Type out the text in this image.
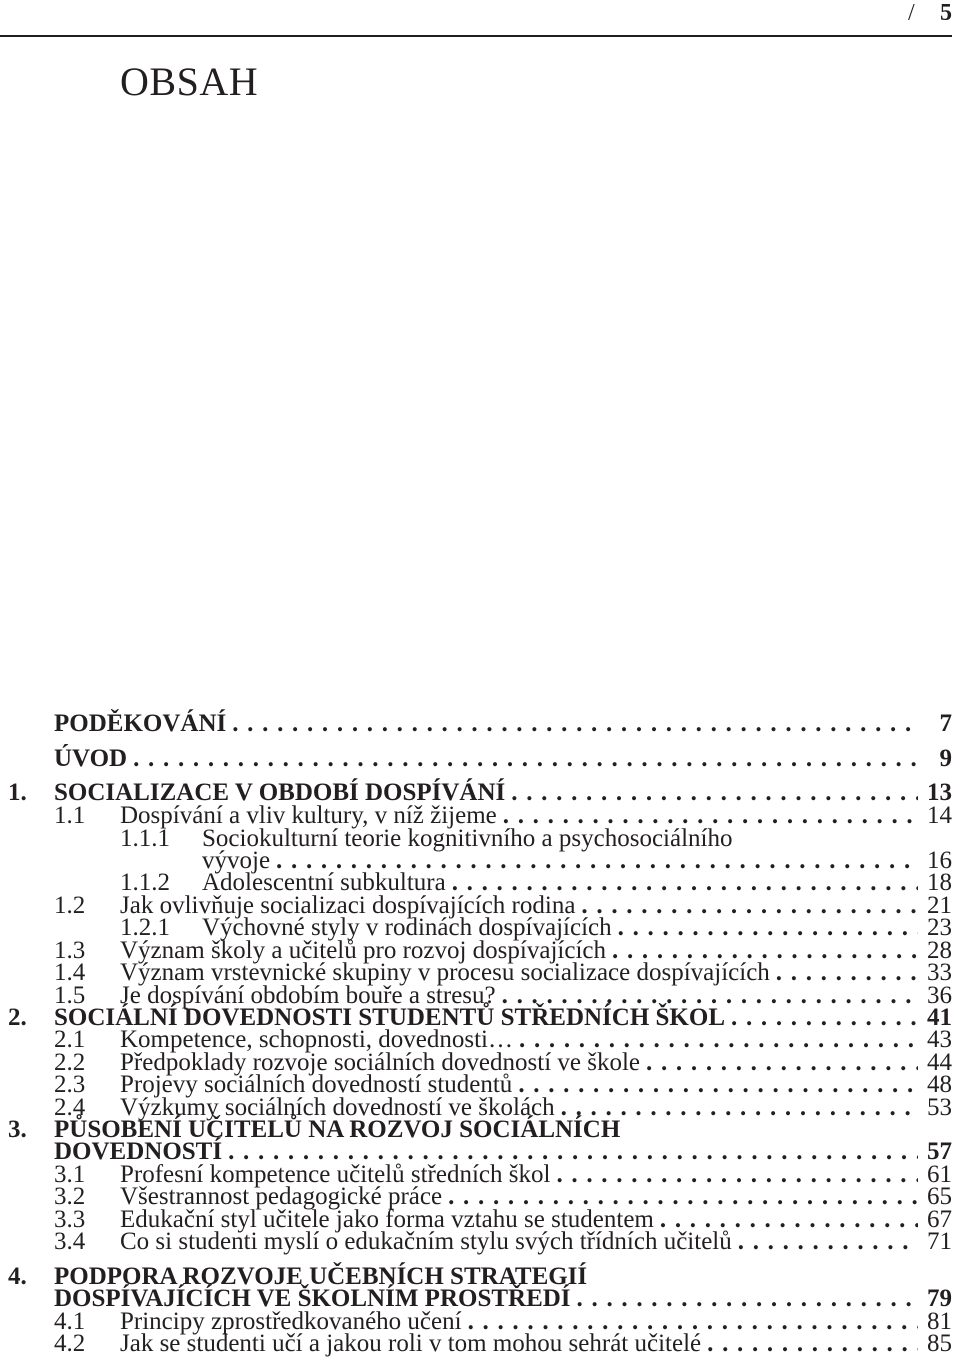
/ 5
OBSAH
PODĚKOVÁNÍ .....	7
ÚVOD .....	9
1. SOCIALIZACE V OBDOBÍ DOSPÍVÁNÍ .....	13
1.1 Dospívání a vliv kultury, v níž žijeme .....	14
1.1.1 Sociokulturní teorie kognitivního a psychosociálního
vývoje .....	16
1.1.2 Adolescentní subkultura .....	18
1.2 Jak ovlivňuje socializaci dospívajících rodina .....	21
1.2.1 Výchovné styly v rodinách dospívajících .....	23
1.3 Význam školy a učitelů pro rozvoj dospívajících .....	28
1.4 Význam vrstevnické skupiny v procesu socializace dospívajících .....	33
1.5 Je dospívání obdobím bouře a stresu? .....	36
2. SOCIÁLNÍ DOVEDNOSTI STUDENTŮ STŘEDNÍCH ŠKOL .....	41
2.1 Kompetence, schopnosti, dovednosti… .....	43
2.2 Předpoklady rozvoje sociálních dovedností ve škole .....	44
2.3 Projevy sociálních dovedností studentů .....	48
2.4 Výzkumy sociálních dovedností ve školách .....	53
3. PŮSOBENÍ UČITELŮ NA ROZVOJ SOCIÁLNÍCH
DOVEDNOSTÍ .....	57
3.1 Profesní kompetence učitelů středních škol .....	61
3.2 Všestrannost pedagogické práce .....	65
3.3 Edukační styl učitele jako forma vztahu se studentem .....	67
3.4 Co si studenti myslí o edukačním stylu svých třídních učitelů .....	71
4. PODPORA ROZVOJE UČEBNÍCH STRATEGIÍ
DOSPÍVAJÍCÍCH VE ŠKOLNÍM PROSTŘEDÍ .....	79
4.1 Principy zprostředkovaného učení .....	81
4.2 Jak se studenti učí a jakou roli v tom mohou sehrát učitelé .....	85
